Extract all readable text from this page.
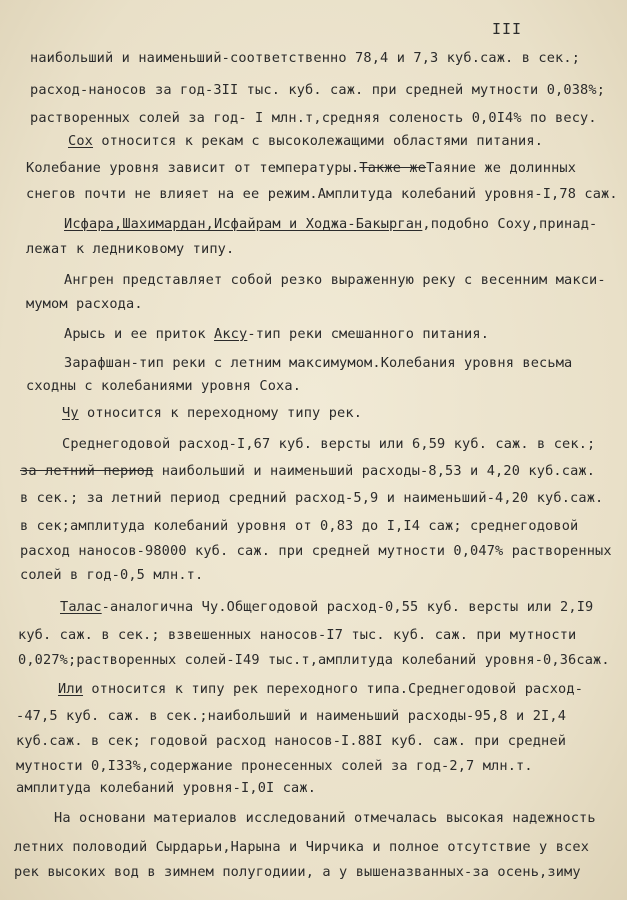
III
наибольший и наименьший-соответственно 78,4 и 7,3 куб.саж. в сек.;
расход-наносов за год-3II тыс. куб. саж. при средней мутности 0,038%;
растворенных солей за год- I млн.т,средняя соленость 0,0I4% по весу.
Сох относится к рекам с высоколежащими областями питания.
Колебание уровня зависит от температуры.Также жеТаяние же долинных
снегов почти не влияет на ее режим.Амплитуда колебаний уровня-I,78 саж.
Исфара,Шахимардан,Исфайрам и Ходжа-Бакырган,подобно Соху,принад-
лежат к ледниковому типу.
Ангрен представляет собой резко выраженную реку с весенним макси-
мумом расхода.
Арысь и ее приток Аксу-тип реки смешанного питания.
Зарафшан-тип реки с летним максимумом.Колебания уровня весьма
сходны с колебаниями уровня Соха.
Чу относится к переходному типу рек.
Среднегодовой расход-I,67 куб. версты или 6,59 куб. саж. в сек.;
за летний период наибольший и наименьший расходы-8,53 и 4,20 куб.саж.
в сек.; за летний период средний расход-5,9 и наименьший-4,20 куб.саж.
в сек;амплитуда колебаний уровня от 0,83 до I,I4 саж; среднегодовой
расход наносов-98000 куб. саж. при средней мутности 0,047% растворенных
солей в год-0,5 млн.т.
Талас-аналогична Чу.Общегодовой расход-0,55 куб. версты или 2,I9
куб. саж. в сек.; взвешенных наносов-I7 тыс. куб. саж. при мутности
0,027%;растворенных солей-I49 тыс.т,амплитуда колебаний уровня-0,36саж.
Или относится к типу рек переходного типа.Среднегодовой расход-
-47,5 куб. саж. в сек.;наибольший и наименьший расходы-95,8 и 2I,4
куб.саж. в сек; годовой расход наносов-I.88I куб. саж. при средней
мутности 0,I33%,содержание пронесенных солей за год-2,7 млн.т.
амплитуда колебаний уровня-I,0I саж.
На основани материалов исследований отмечалась высокая надежность
летних половодий Сырдарьи,Нарына и Чирчика и полное отсутствие у всех
рек высоких вод в зимнем полугодиии, а у вышеназванных-за осень,зиму
